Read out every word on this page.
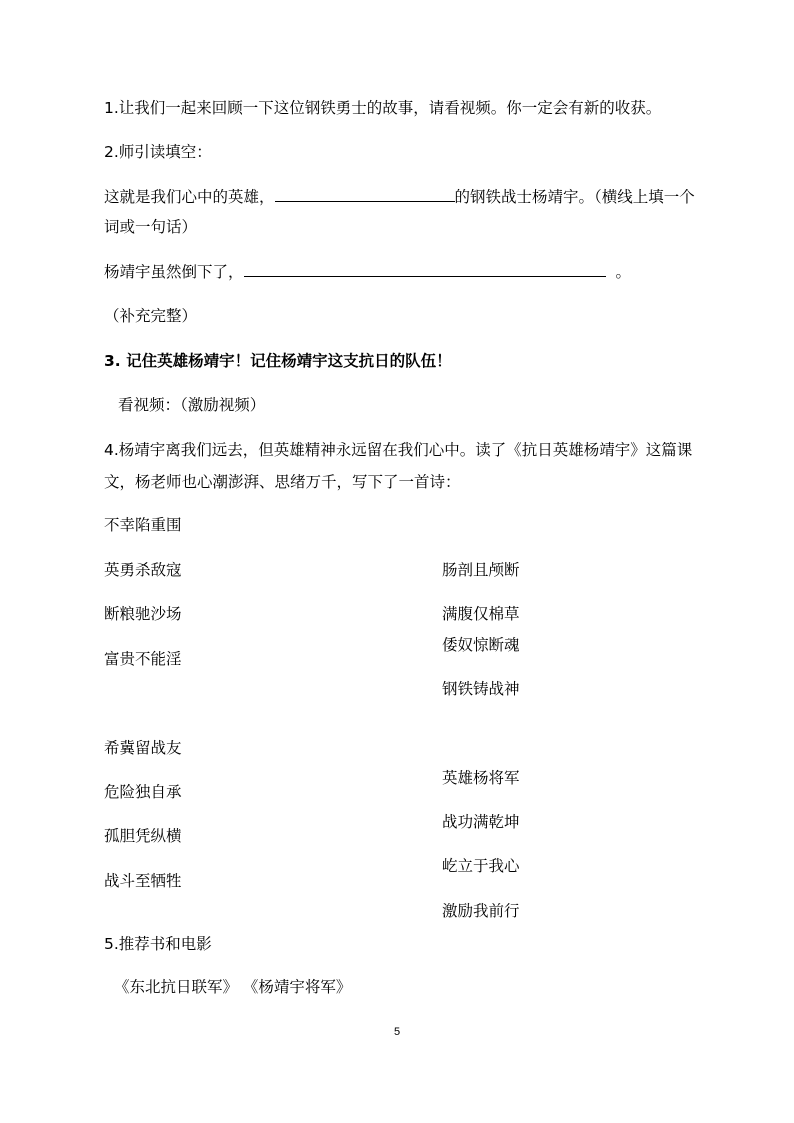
1.让我们一起来回顾一下这位钢铁勇士的故事，请看视频。你一定会有新的收获。
2.师引读填空：
这就是我们心中的英雄，	的钢铁战士杨靖宇。（横线上填一个
词或一句话）
杨靖宇虽然倒下了，	。
（补充完整）
3. 记住英雄杨靖宇！记住杨靖宇这支抗日的队伍！
看视频：（激励视频）
4.杨靖宇离我们远去，但英雄精神永远留在我们心中。读了《抗日英雄杨靖宇》这篇课
文，杨老师也心潮澎湃、思绪万千，写下了一首诗：
不幸陷重围
英勇杀敌寇
断粮驰沙场
富贵不能淫
希冀留战友
危险独自承
孤胆凭纵横
战斗至牺牲
肠剖且颅断
满腹仅棉草
倭奴惊断魂
钢铁铸战神
英雄杨将军
战功满乾坤
屹立于我心
激励我前行
5.推荐书和电影
《东北抗日联军》 《杨靖宇将军》
5
